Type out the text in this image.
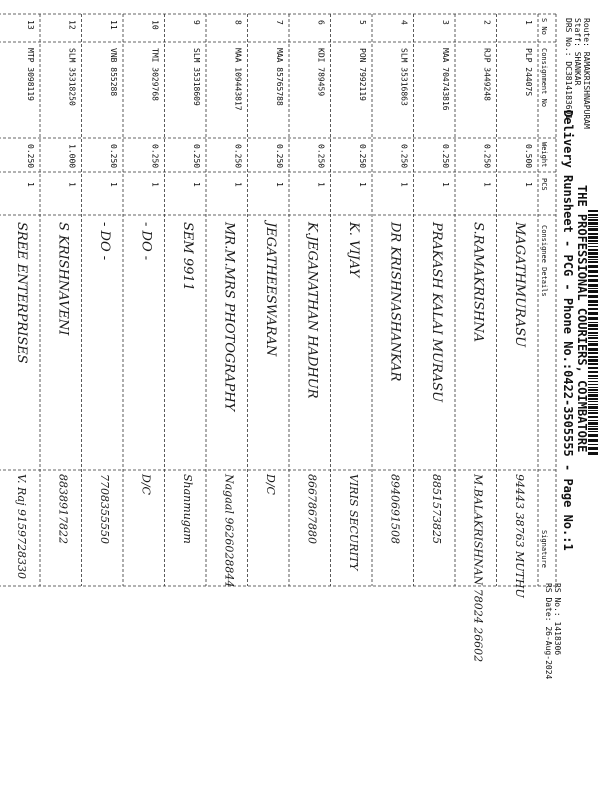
THE PROFESSIONAL COURIERS, COIMBATORE
Delivery Runsheet - PCG - Phone No.:0422-3505555 - Page No.:1
Route: RAMAKRISHNAPURAM
Staff: SHANKAR
DRS No.: DC3814183601
RS No.: 141830б
RS Date: 26-Aug-2024
S No
Consignment No
Weight
PCS
Consignee Details
Signature
1
PLP 24407S
0.500
1
MAGATHMURASU
94443 38763 MUTHU
2
RJP 3449248
0.250
1
S.RAMAKRISHNA
M.BALAKRISHNAN 78024 26602
3
MAA 704743816
0.250
1
PRAKASH KALAI MURASU
8851573825
4
SLM 35316863
0.250
1
DR KRISHNASHANKAR
8940691508
5
PON 7992119
0.250
1
K. VIJAY
VIRIS SECURITY
6
KDI 789459
0.250
1
K.JEGANATHAN HADHUR
8667867880
7
MAA 85765788
0.250
1
JEGATHEESWARAN
D/C
8
MAA 109443817
0.250
1
MR.M.MRS PHOTOGRAPHY
Nagaal 9626028844
9
SLM 35318609
0.250
1
SEM 9911
Shanmugam
10
TMI 3029768
0.250
1
- DO -
D/C
11
VNB 855288
0.250
1
- DO -
7708355550
12
SLM 35318250
1.000
1
S KRISHNAVENI
8838917822
13
MTP 3098119
0.250
1
SREE ENTERPRISES
V. Raj 9159728330
